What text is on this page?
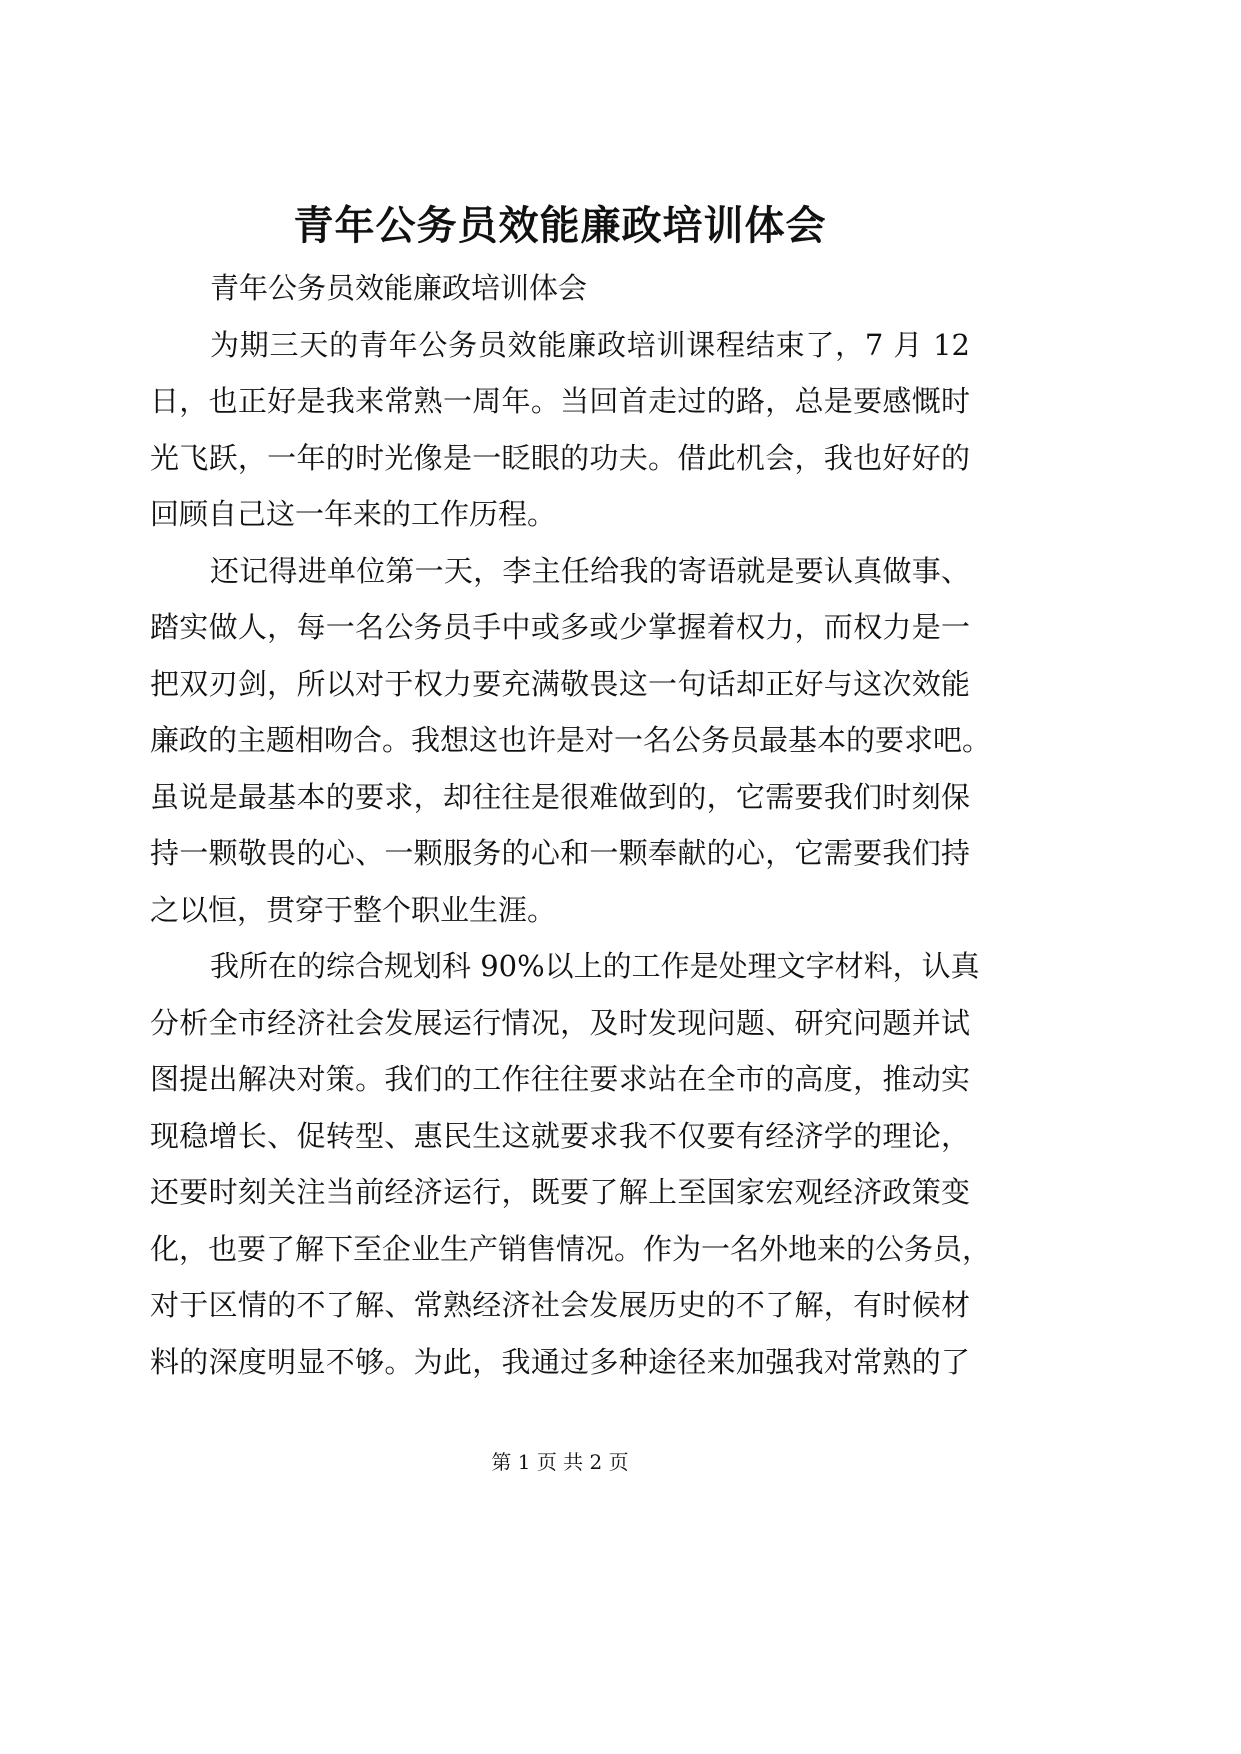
青年公务员效能廉政培训体会
青年公务员效能廉政培训体会
为期三天的青年公务员效能廉政培训课程结束了，7 月 12
日，也正好是我来常熟一周年。当回首走过的路，总是要感慨时
光飞跃，一年的时光像是一眨眼的功夫。借此机会，我也好好的
回顾自己这一年来的工作历程。
还记得进单位第一天，李主任给我的寄语就是要认真做事、
踏实做人，每一名公务员手中或多或少掌握着权力，而权力是一
把双刃剑，所以对于权力要充满敬畏这一句话却正好与这次效能
廉政的主题相吻合。我想这也许是对一名公务员最基本的要求吧。
虽说是最基本的要求，却往往是很难做到的，它需要我们时刻保
持一颗敬畏的心、一颗服务的心和一颗奉献的心，它需要我们持
之以恒，贯穿于整个职业生涯。
我所在的综合规划科 90%以上的工作是处理文字材料，认真
分析全市经济社会发展运行情况，及时发现问题、研究问题并试
图提出解决对策。我们的工作往往要求站在全市的高度，推动实
现稳增长、促转型、惠民生这就要求我不仅要有经济学的理论，
还要时刻关注当前经济运行，既要了解上至国家宏观经济政策变
化，也要了解下至企业生产销售情况。作为一名外地来的公务员，
对于区情的不了解、常熟经济社会发展历史的不了解，有时候材
料的深度明显不够。为此，我通过多种途径来加强我对常熟的了
第 1 页 共 2 页
